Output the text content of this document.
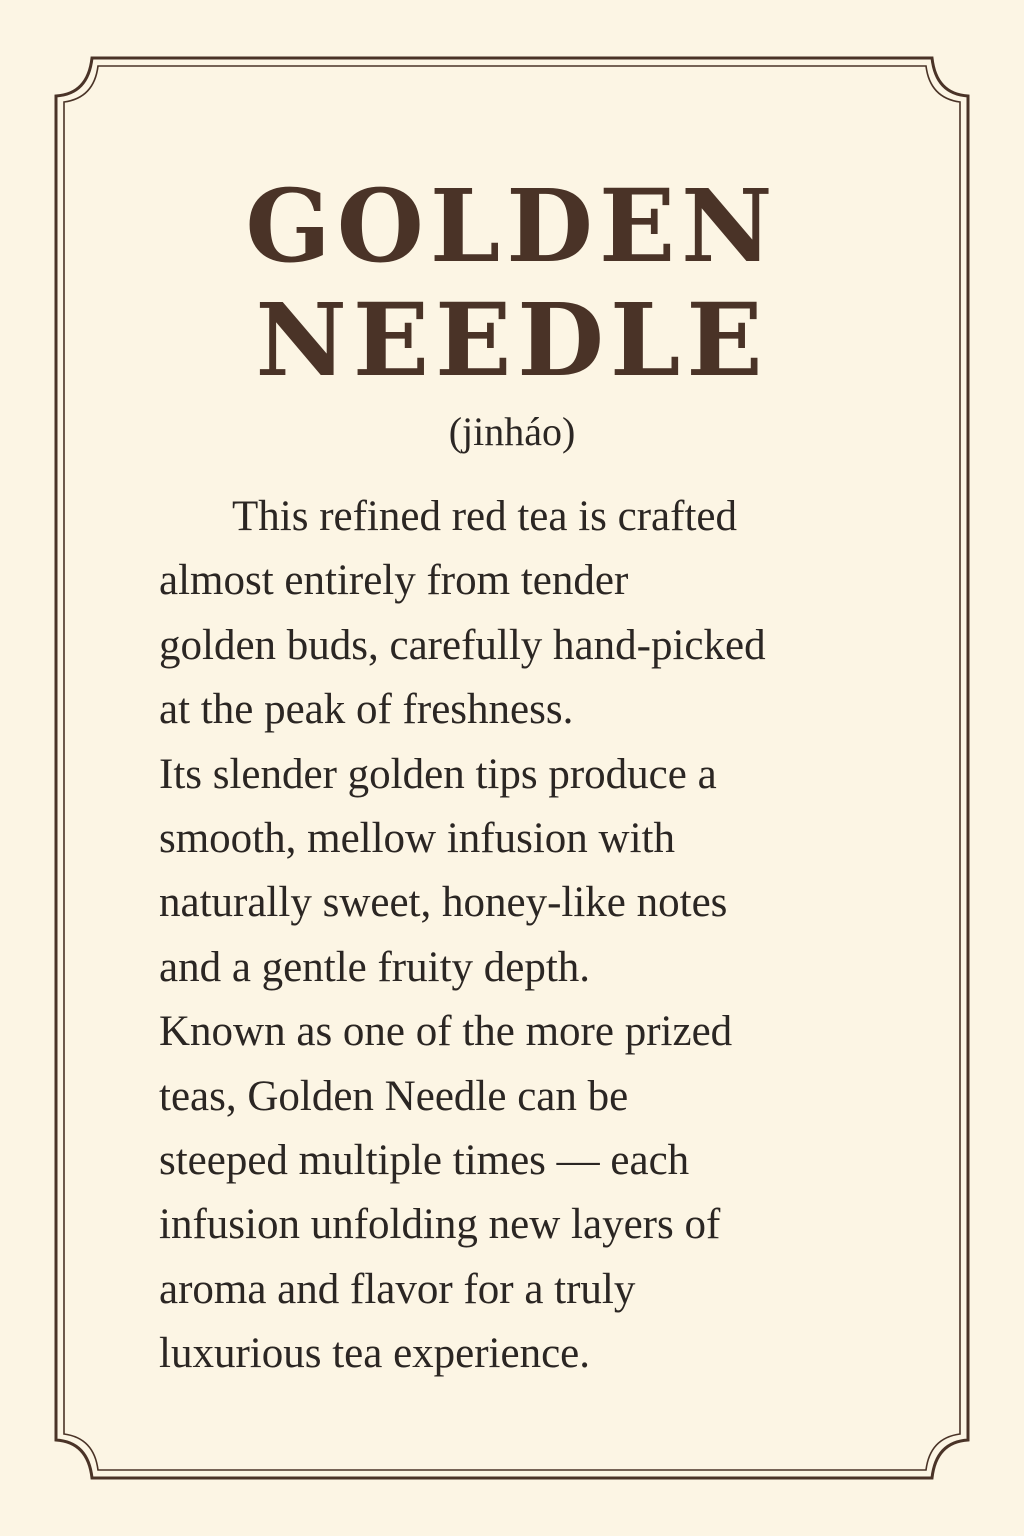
GOLDEN
NEEDLE
(jinháo)
This refined red tea is crafted
almost entirely from tender
golden buds, carefully hand-picked
at the peak of freshness.
Its slender golden tips produce a
smooth, mellow infusion with
naturally sweet, honey-like notes
and a gentle fruity depth.
Known as one of the more prized
teas, Golden Needle can be
steeped multiple times — each
infusion unfolding new layers of
aroma and flavor for a truly
luxurious tea experience.
